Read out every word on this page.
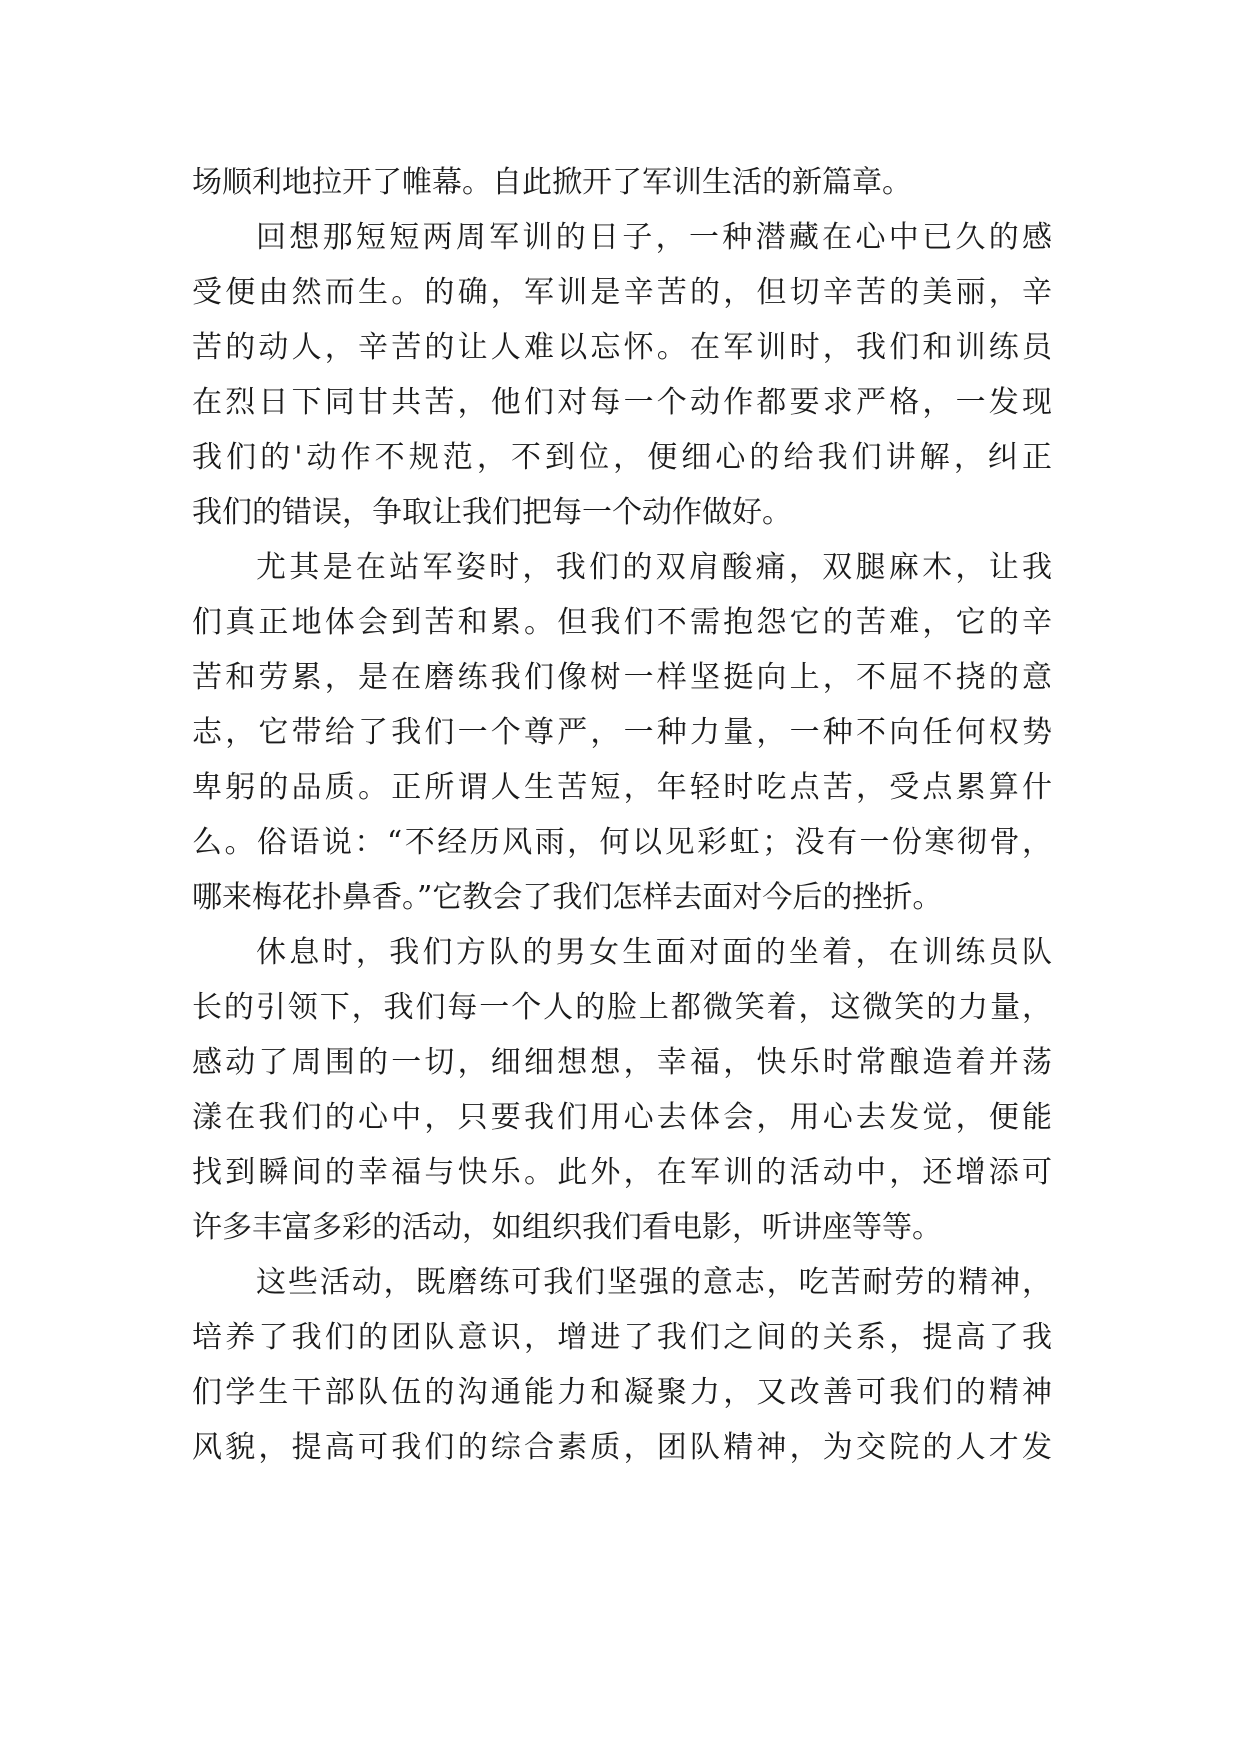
场顺利地拉开了帷幕。自此掀开了军训生活的新篇章。
回想那短短两周军训的日子，一种潜藏在心中已久的感
受便由然而生。的确，军训是辛苦的，但切辛苦的美丽，辛
苦的动人，辛苦的让人难以忘怀。在军训时，我们和训练员
在烈日下同甘共苦，他们对每一个动作都要求严格，一发现
我们的'动作不规范，不到位，便细心的给我们讲解，纠正
我们的错误，争取让我们把每一个动作做好。
尤其是在站军姿时，我们的双肩酸痛，双腿麻木，让我
们真正地体会到苦和累。但我们不需抱怨它的苦难，它的辛
苦和劳累，是在磨练我们像树一样坚挺向上，不屈不挠的意
志，它带给了我们一个尊严，一种力量，一种不向任何权势
卑躬的品质。正所谓人生苦短，年轻时吃点苦，受点累算什
么。俗语说：“不经历风雨，何以见彩虹；没有一份寒彻骨，
哪来梅花扑鼻香。”它教会了我们怎样去面对今后的挫折。
休息时，我们方队的男女生面对面的坐着，在训练员队
长的引领下，我们每一个人的脸上都微笑着，这微笑的力量，
感动了周围的一切，细细想想，幸福，快乐时常酿造着并荡
漾在我们的心中，只要我们用心去体会，用心去发觉，便能
找到瞬间的幸福与快乐。此外，在军训的活动中，还增添可
许多丰富多彩的活动，如组织我们看电影，听讲座等等。
这些活动，既磨练可我们坚强的意志，吃苦耐劳的精神，
培养了我们的团队意识，增进了我们之间的关系，提高了我
们学生干部队伍的沟通能力和凝聚力，又改善可我们的精神
风貌，提高可我们的综合素质，团队精神，为交院的人才发
